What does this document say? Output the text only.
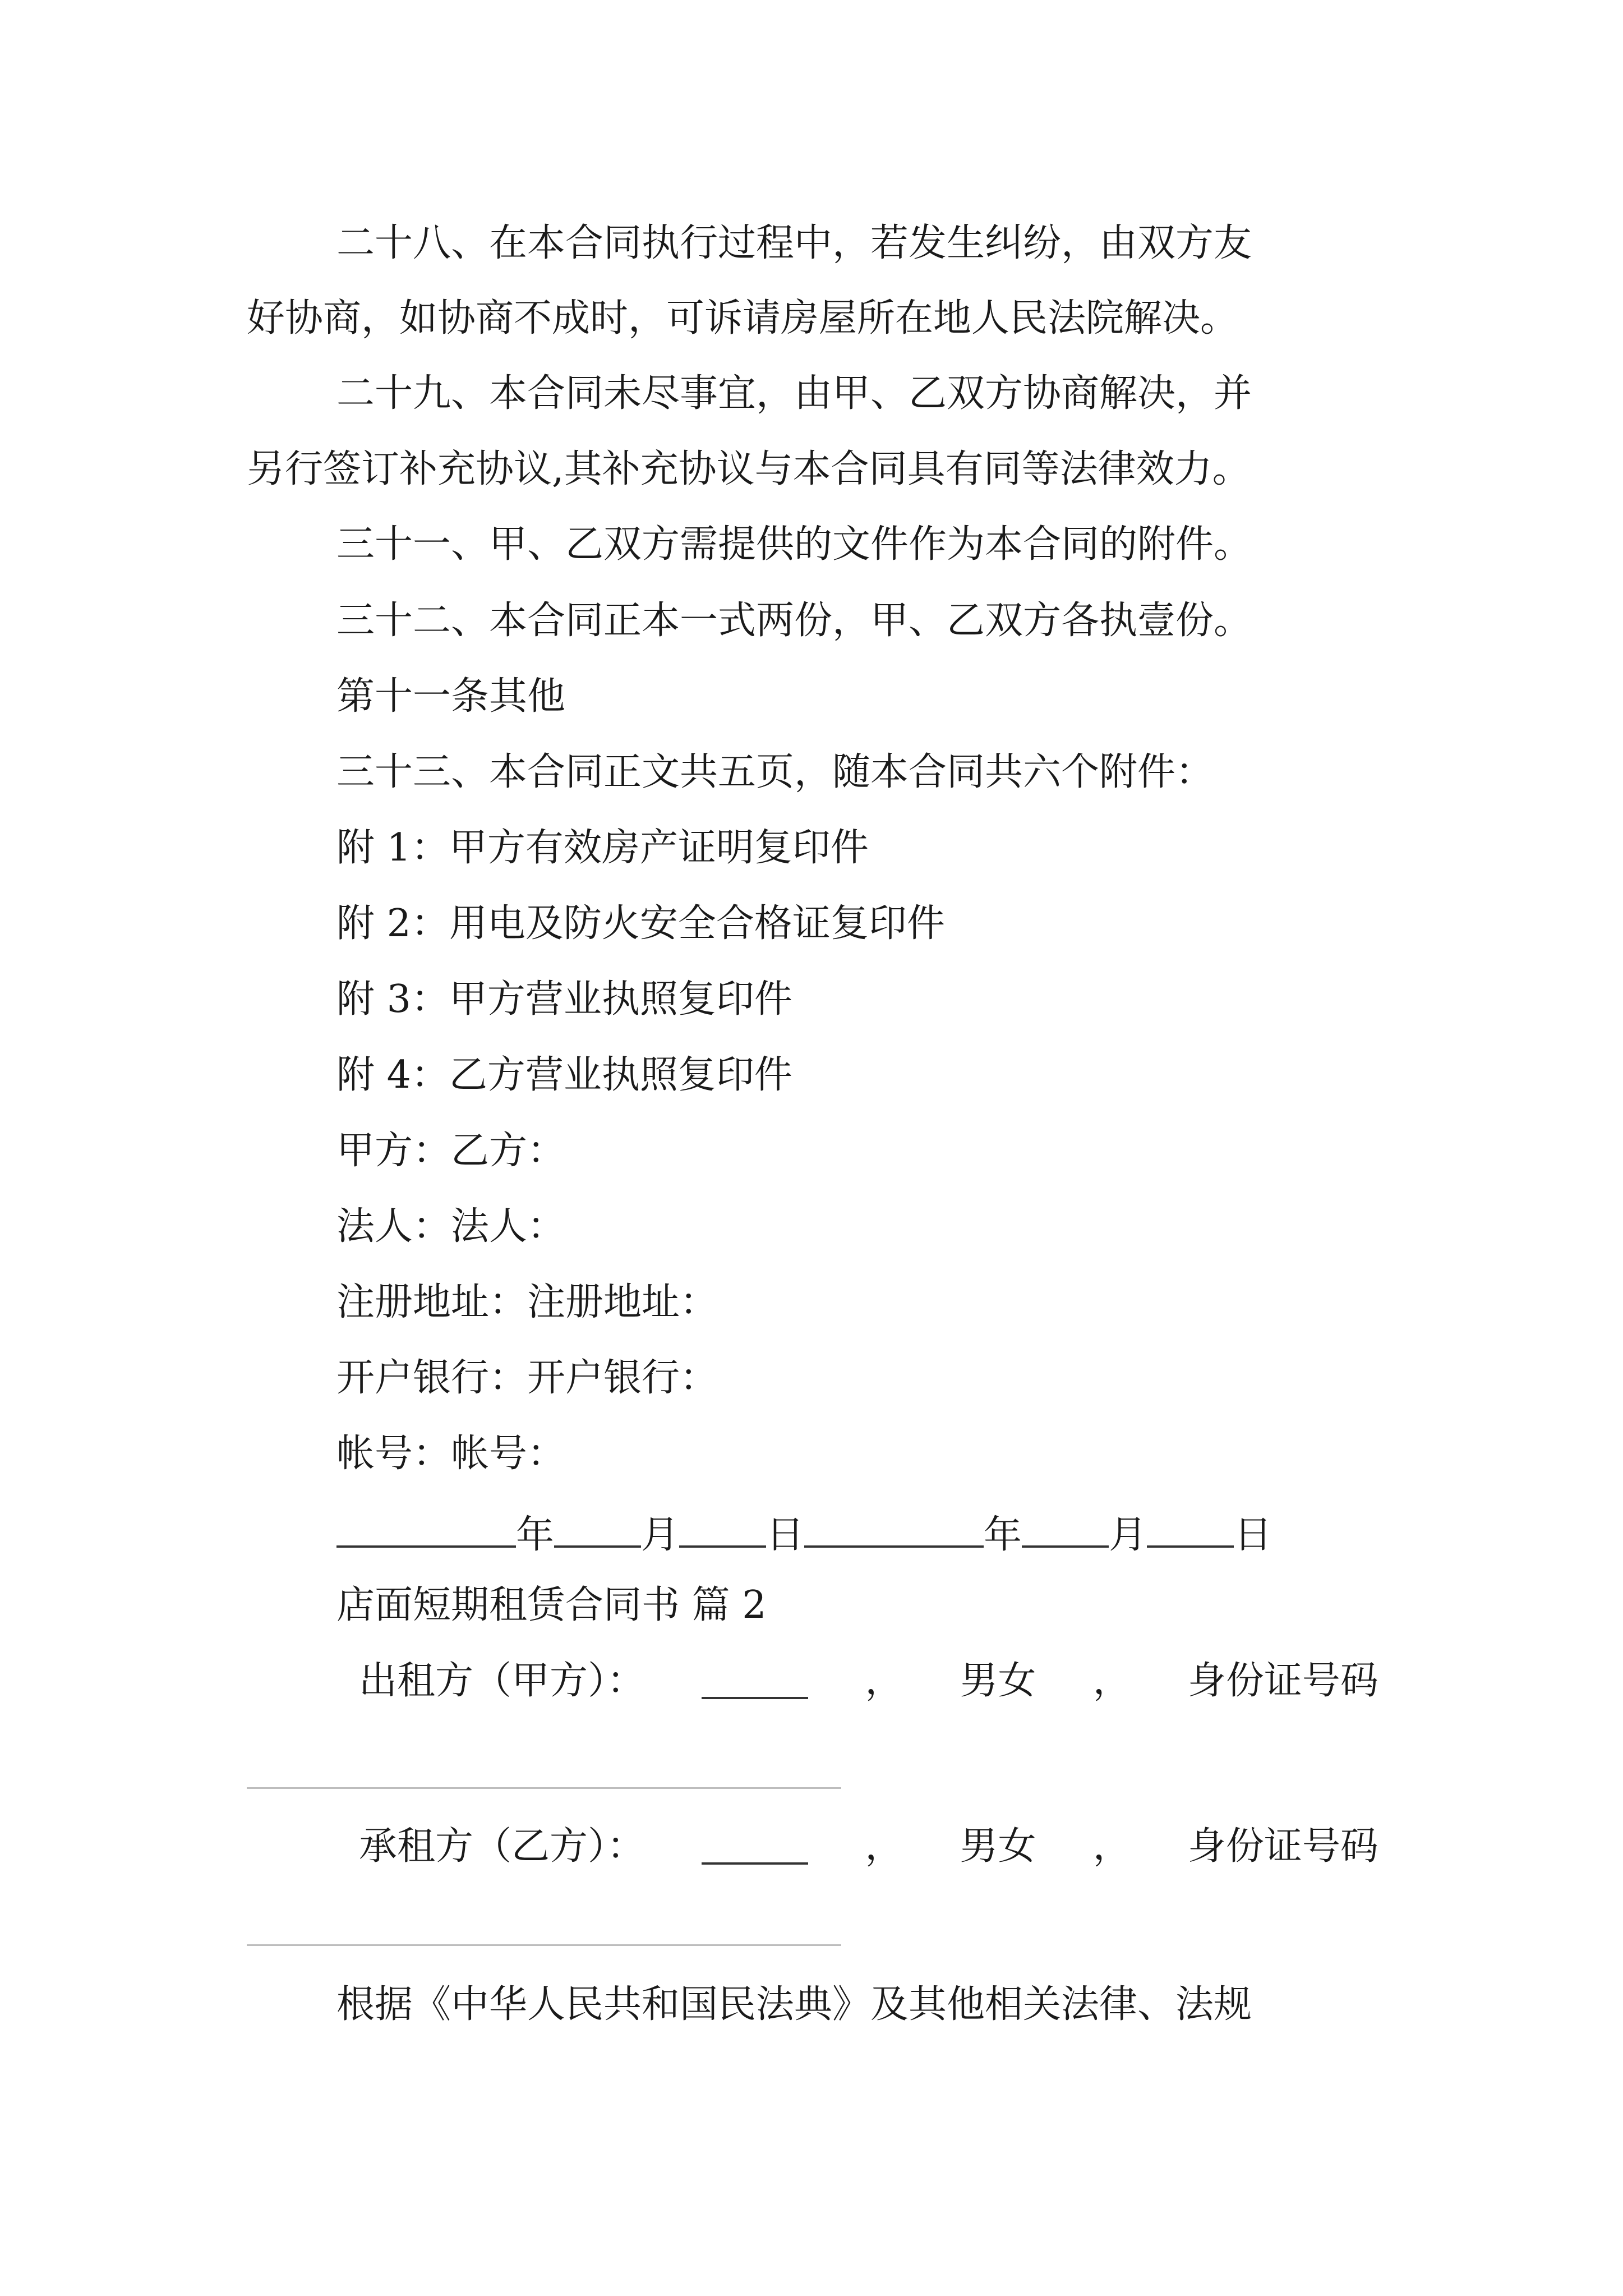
二十八、在本合同执行过程中，若发生纠纷，由双方友
好协商，如协商不成时，可诉请房屋所在地人民法院解决。
二十九、本合同未尽事宜，由甲、乙双方协商解决，并
另行签订补充协议,其补充协议与本合同具有同等法律效力。
三十一、甲、乙双方需提供的文件作为本合同的附件。
三十二、本合同正本一式两份，甲、乙双方各执壹份。
第十一条其他
三十三、本合同正文共五页，随本合同共六个附件：
附 1：甲方有效房产证明复印件
附 2：用电及防火安全合格证复印件
附 3：甲方营业执照复印件
附 4：乙方营业执照复印件
甲方：乙方：
法人：法人：
注册地址：注册地址：
开户银行：开户银行：
帐号：帐号：
年 月 日	年 月 日
店面短期租赁合同书 篇 2
出租方（甲方）：	， 男女 ， 身份证号码
承租方（乙方）：	， 男女 ， 身份证号码
根据《中华人民共和国民法典》及其他相关法律、法规
